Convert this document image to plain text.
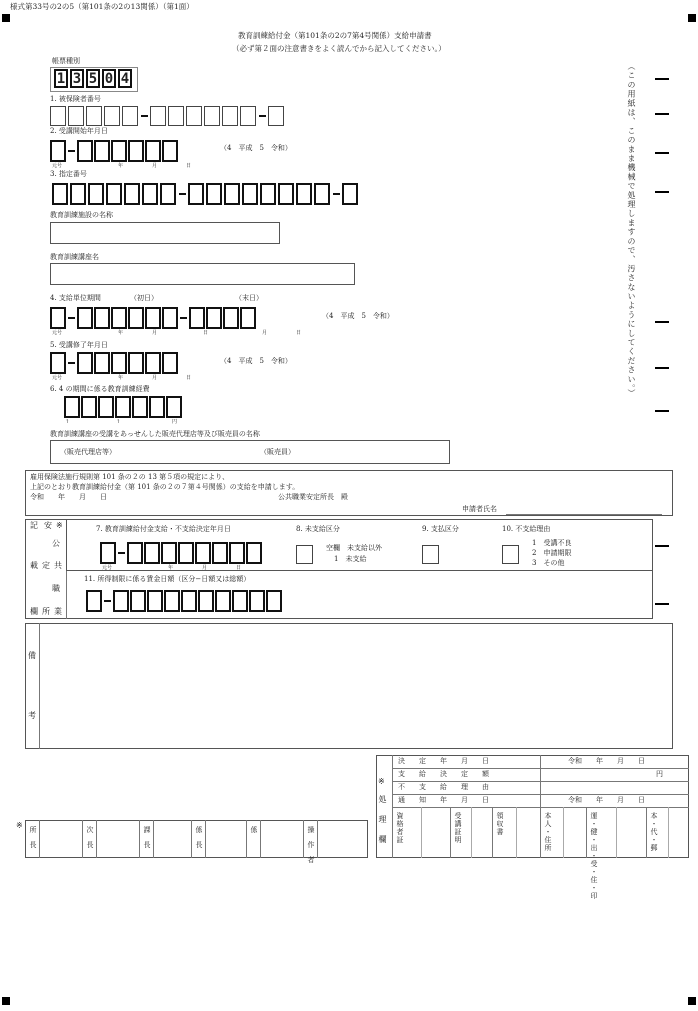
様式第33号の2の5（第101条の2の13関係）（第1面）
教育訓練給付金（第101条の2の7第4号関係）支給申請書
（必ず第２面の注意書きをよく読んでから記入してください。）
帳票種別
1 3 5 0 4
1. 被保険者番号
2. 受講開始年月日
元号	年	月	日
（4　平成　5　令和）
3. 指定番号
教育訓練施設の名称
教育訓練講座名
4. 支給単位期間	（初日）	（末日）
元号	年	月	日	月	日
（4　平成　5　令和）
5. 受講修了年月日
元号	年	月	日
（4　平成　5　令和）
6. 4 の期間に係る教育訓練経費
円
↑	↑
教育訓練講座の受講をあっせんした販売代理店等及び販売員の名称
（販売代理店等）	（販売員）
雇用保険法施行規則第 101 条の２の 13 第５項の規定により、
上記のとおり教育訓練給付金（第 101 条の２の７第４号関係）の支給を申請します。
令和　　年　　月　　日	公共職業安定所長　殿
申請者氏名
記 安 ※
公
載 定 共
職
欄 所 業
7. 教育訓練給付金支給・不支給決定年月日
元号	年	月	日
8. 未支給区分
空欄　未支給以外
1　未支給
9. 支払区分	10. 不支給理由
1　受講不良
2　申請期限
3　その他
11. 所得制限に係る賃金日額（区分−日額又は総額）
備
考
※
処理欄
決　　定　　年　　月　　日	令和　　年　　月　　日
支　　給　　決　　定　　額	円
不　　支　　給　　理　　由
通　　知　　年　　月　　日	令和　　年　　月　　日
資格者証	受講証明	領収書	本人・住所	運・健・出・受・住・印	本・代・郵
※
所長	次長	課長	係長	係	操作者
（この用紙は、このまま機械で処理しますので、汚さないようにしてください。）
